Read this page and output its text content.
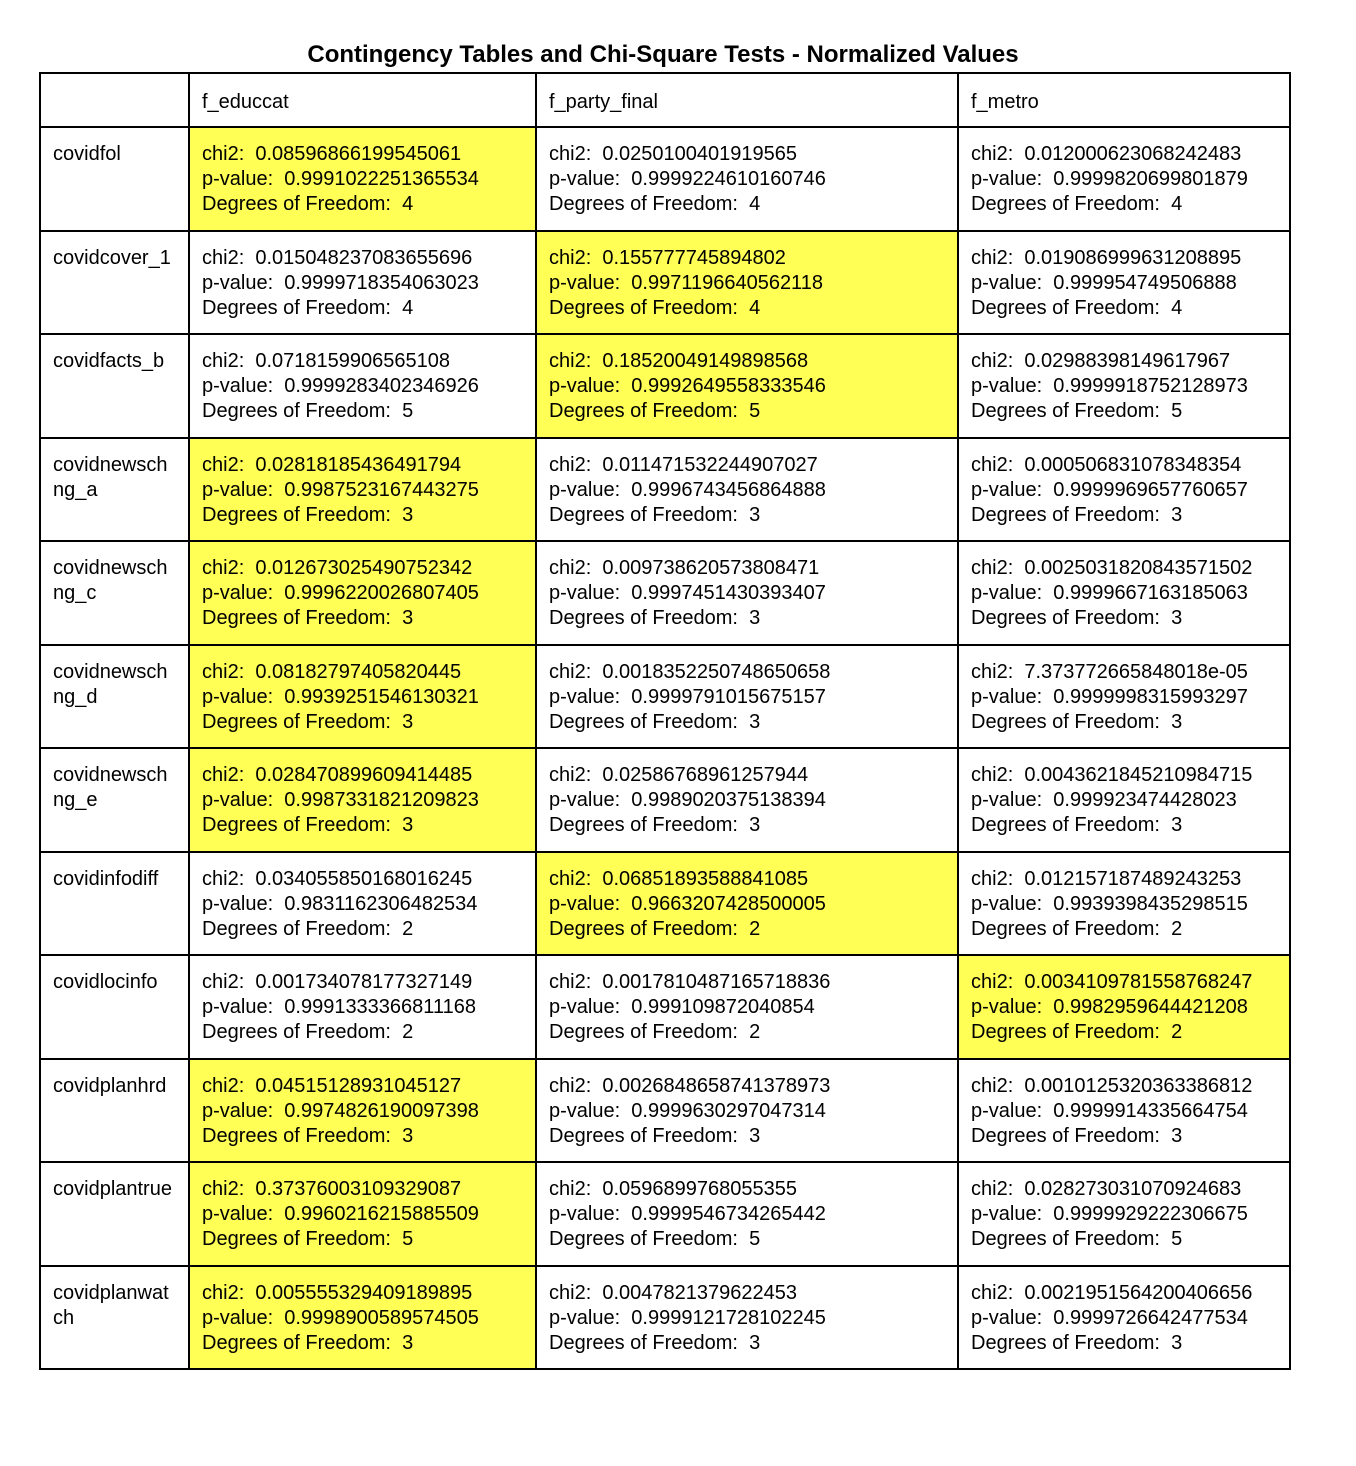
Contingency Tables and Chi-Square Tests - Normalized Values
	f_educcat	f_party_final	f_metro
covidfol	chi2:  0.08596866199545061
p-value:  0.9991022251365534
Degrees of Freedom:  4	chi2:  0.0250100401919565
p-value:  0.9999224610160746
Degrees of Freedom:  4	chi2:  0.012000623068242483
p-value:  0.9999820699801879
Degrees of Freedom:  4

covidcover_1	chi2:  0.015048237083655696
p-value:  0.9999718354063023
Degrees of Freedom:  4	chi2:  0.155777745894802
p-value:  0.9971196640562118
Degrees of Freedom:  4	chi2:  0.019086999631208895
p-value:  0.999954749506888
Degrees of Freedom:  4

covidfacts_b	chi2:  0.0718159906565108
p-value:  0.9999283402346926
Degrees of Freedom:  5	chi2:  0.18520049149898568
p-value:  0.9992649558333546
Degrees of Freedom:  5	chi2:  0.02988398149617967
p-value:  0.9999918752128973
Degrees of Freedom:  5

covidnewschng_a	chi2:  0.02818185436491794
p-value:  0.9987523167443275
Degrees of Freedom:  3	chi2:  0.011471532244907027
p-value:  0.9996743456864888
Degrees of Freedom:  3	chi2:  0.000506831078348354
p-value:  0.9999969657760657
Degrees of Freedom:  3

covidnewschng_c	chi2:  0.012673025490752342
p-value:  0.9996220026807405
Degrees of Freedom:  3	chi2:  0.009738620573808471
p-value:  0.9997451430393407
Degrees of Freedom:  3	chi2:  0.0025031820843571502
p-value:  0.9999667163185063
Degrees of Freedom:  3

covidnewschng_d	chi2:  0.08182797405820445
p-value:  0.9939251546130321
Degrees of Freedom:  3	chi2:  0.0018352250748650658
p-value:  0.9999791015675157
Degrees of Freedom:  3	chi2:  7.373772665848018e-05
p-value:  0.9999998315993297
Degrees of Freedom:  3

covidnewschng_e	chi2:  0.028470899609414485
p-value:  0.9987331821209823
Degrees of Freedom:  3	chi2:  0.02586768961257944
p-value:  0.9989020375138394
Degrees of Freedom:  3	chi2:  0.0043621845210984715
p-value:  0.999923474428023
Degrees of Freedom:  3

covidinfodiff	chi2:  0.034055850168016245
p-value:  0.9831162306482534
Degrees of Freedom:  2	chi2:  0.06851893588841085
p-value:  0.9663207428500005
Degrees of Freedom:  2	chi2:  0.012157187489243253
p-value:  0.9939398435298515
Degrees of Freedom:  2

covidlocinfo	chi2:  0.001734078177327149
p-value:  0.9991333366811168
Degrees of Freedom:  2	chi2:  0.0017810487165718836
p-value:  0.999109872040854
Degrees of Freedom:  2	chi2:  0.0034109781558768247
p-value:  0.9982959644421208
Degrees of Freedom:  2

covidplanhrd	chi2:  0.04515128931045127
p-value:  0.9974826190097398
Degrees of Freedom:  3	chi2:  0.0026848658741378973
p-value:  0.9999630297047314
Degrees of Freedom:  3	chi2:  0.0010125320363386812
p-value:  0.9999914335664754
Degrees of Freedom:  3

covidplantrue	chi2:  0.37376003109329087
p-value:  0.9960216215885509
Degrees of Freedom:  5	chi2:  0.0596899768055355
p-value:  0.9999546734265442
Degrees of Freedom:  5	chi2:  0.028273031070924683
p-value:  0.9999929222306675
Degrees of Freedom:  5

covidplanwatch	chi2:  0.005555329409189895
p-value:  0.9998900589574505
Degrees of Freedom:  3	chi2:  0.0047821379622453
p-value:  0.9999121728102245
Degrees of Freedom:  3	chi2:  0.0021951564200406656
p-value:  0.9999726642477534
Degrees of Freedom:  3
